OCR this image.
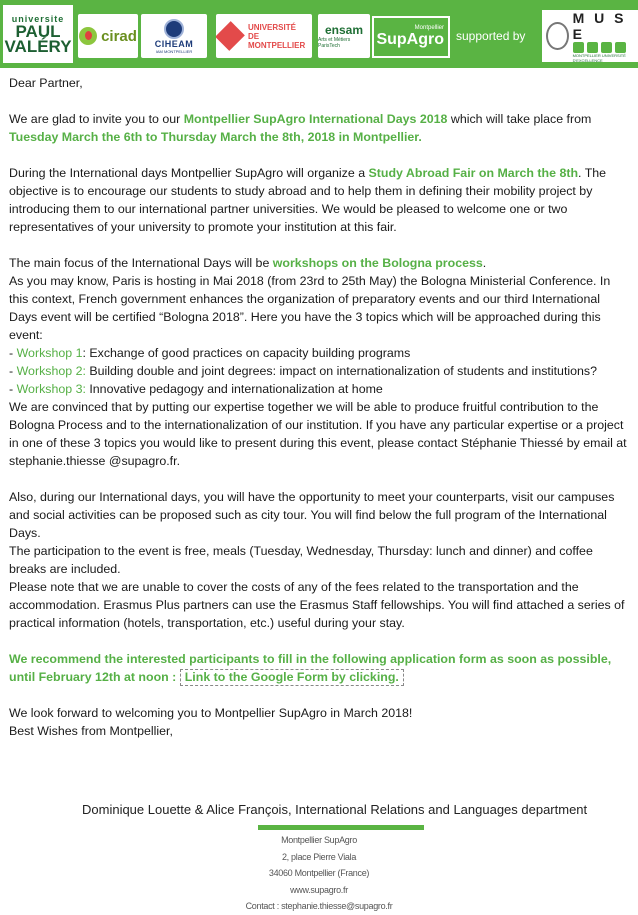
universite
PAUL
VALÉRY
cirad CIHEAM
IAM MONTPELLIER
UNIVERSITÉ
DE MONTPELLIER
ensam
Arts et Métiers ParisTech
Montpellier
SupAgro supported by
M U S E
MONTPELLIER UNIVERSITÉ D'EXCELLENCE

Dear Partner,

We are glad to invite you to our Montpellier SupAgro International Days 2018 which will take place from Tuesday March the 6th to Thursday March the 8th, 2018 in Montpellier.

During the International days Montpellier SupAgro will organize a Study Abroad Fair on March the 8th. The objective is to encourage our students to study abroad and to help them in defining their mobility project by introducing them to our international partner universities. We would be pleased to welcome one or two representatives of your university to promote your institution at this fair.

The main focus of the International Days will be workshops on the Bologna process.

As you may know, Paris is hosting in Mai 2018 (from 23rd to 25th May) the Bologna Ministerial Conference. In this context, French government enhances the organization of preparatory events and our third International Days event will be certified “Bologna 2018”. Here you have the 3 topics which will be approached during this event:

- Workshop 1: Exchange of good practices on capacity building programs

- Workshop 2: Building double and joint degrees: impact on internationalization of students and institutions?

- Workshop 3: Innovative pedagogy and internationalization at home

We are convinced that by putting our expertise together we will be able to produce fruitful contribution to the Bologna Process and to the internationalization of our institution. If you have any particular expertise or a project in one of these 3 topics you would like to present during this event, please contact Stéphanie Thiessé by email at stephanie.thiesse @supagro.fr.

Also, during our International days, you will have the opportunity to meet your counterparts, visit our campuses and social activities can be proposed such as city tour. You will find below the full program of the International Days.

The participation to the event is free, meals (Tuesday, Wednesday, Thursday: lunch and dinner) and coffee breaks are included.

Please note that we are unable to cover the costs of any of the fees related to the transportation and the accommodation. Erasmus Plus partners can use the Erasmus Staff fellowships. You will find attached a series of practical information (hotels, transportation, etc.) useful during your stay.

We recommend the interested participants to fill in the following application form as soon as possible, until February 12th at noon : Link to the Google Form by clicking.

We look forward to welcoming you to Montpellier SupAgro in March 2018!

Best Wishes from Montpellier,

Dominique Louette & Alice François, International Relations and Languages department
Montpellier SupAgro
2, place Pierre Viala
34060 Montpellier (France)
www.supagro.fr
Contact : stephanie.thiesse@supagro.fr
